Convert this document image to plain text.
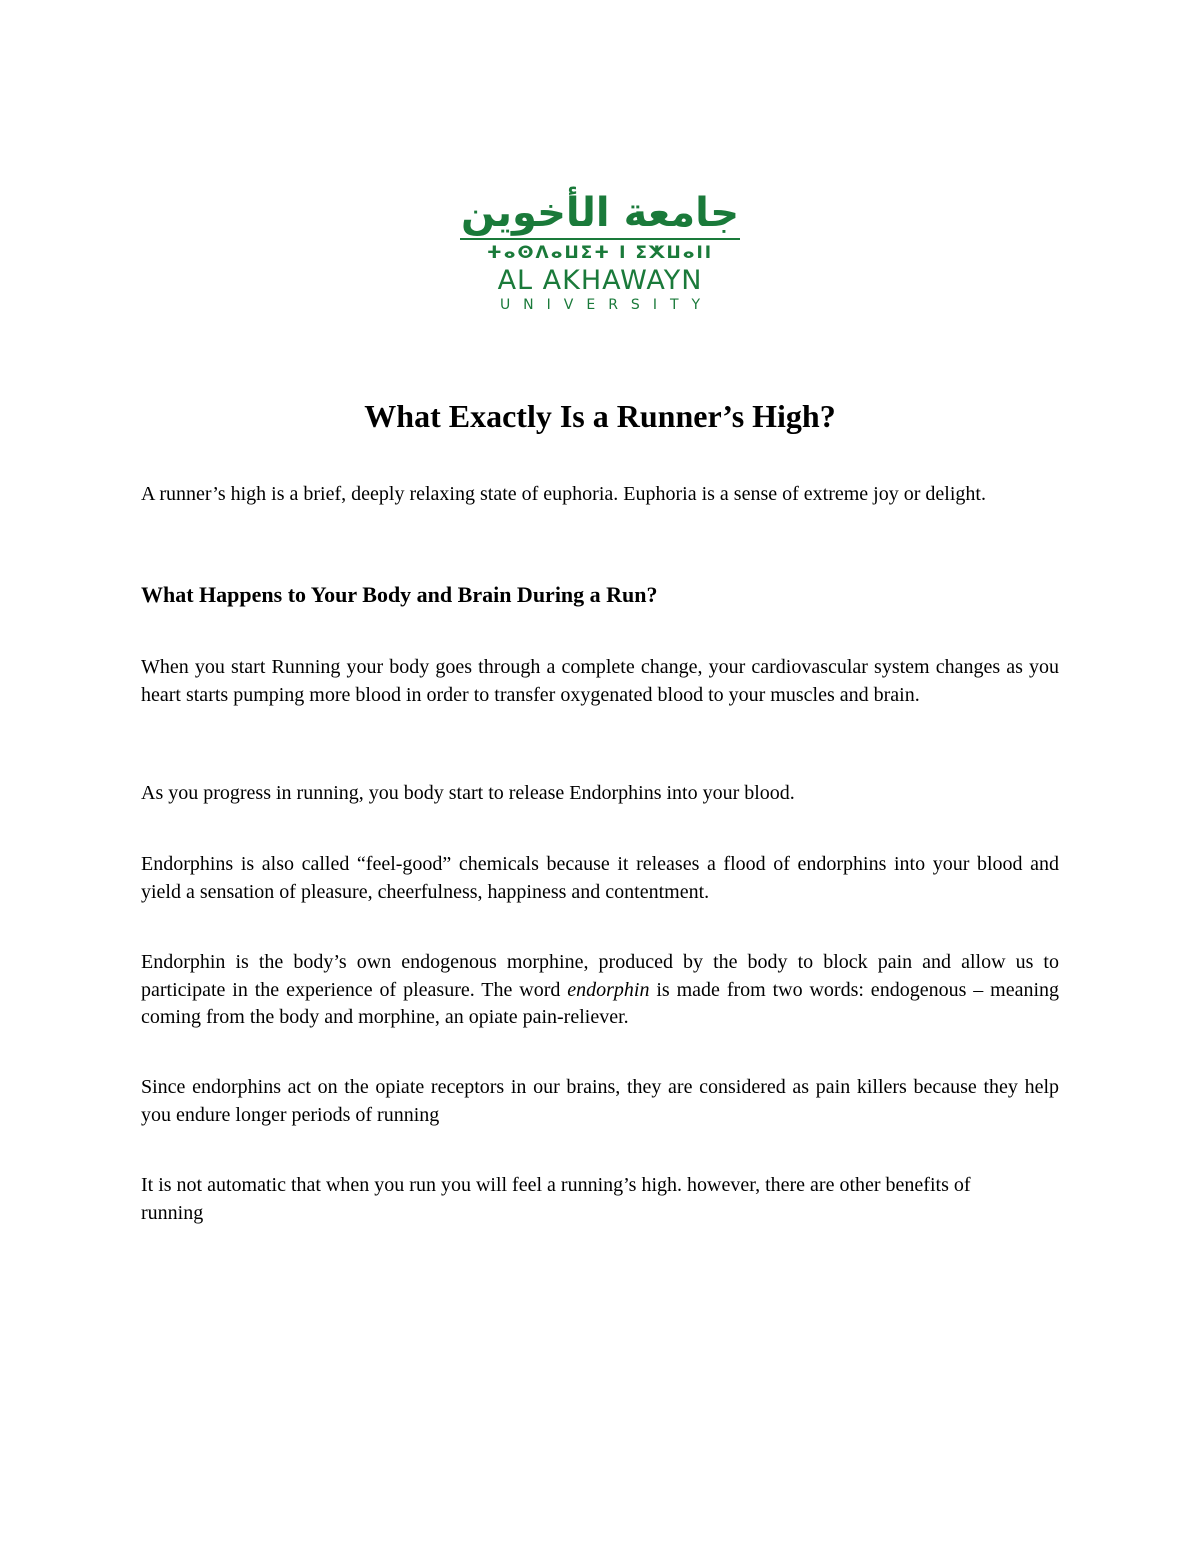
جامعة الأخوين
ⵜⴰⵙⴷⴰⵡⵉⵜ ⵏ ⵉⵅⵡⴰⵏⵏ
AL AKHAWAYN
UNIVERSITY
What Exactly Is a Runner’s High?

A runner’s high is a brief, deeply relaxing state of euphoria. Euphoria is a sense of extreme joy or delight.

What Happens to Your Body and Brain During a Run?

When you start Running your body goes through a complete change, your cardiovascular system changes as you heart starts pumping more blood in order to transfer oxygenated blood to your muscles and brain.

As you progress in running, you body start to release Endorphins into your blood.

Endorphins is also called “feel-good” chemicals because it releases a flood of endorphins into your blood and yield a sensation of pleasure, cheerfulness, happiness and contentment.

Endorphin is the body’s own endogenous morphine, produced by the body to block pain and allow us to participate in the experience of pleasure. The word endorphin is made from two words: endogenous – meaning coming from the body and morphine, an opiate pain-reliever.

Since endorphins act on the opiate receptors in our brains, they are considered as pain killers because they help you endure longer periods of running

It is not automatic that when you run you will feel a running’s high. however, there are other benefits of running
